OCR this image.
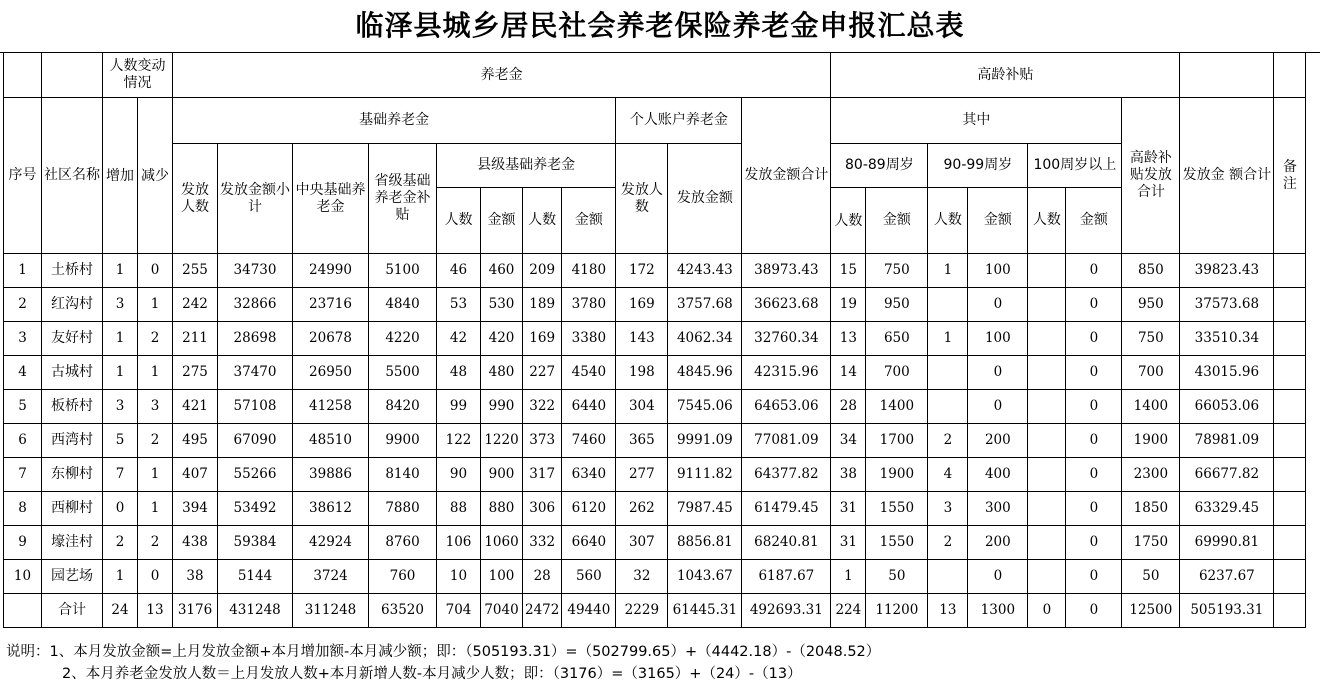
临泽县城乡居民社会养老保险养老金申报汇总表
		人数变动情况		养老金											高龄补贴								
序号	社区名称	增加	减少	基础养老金								个人账户养老金		发放金额合计	其中						高龄补贴发放合计	发放金 额合计	备注
				发放人数	发放金额小计	中央基础养老金	省级基础养老金补贴	县级基础养老金				发放人数	发放金额		80-89周岁		90-99周岁		100周岁以上				
								人数	金额	人数	金额				人数	金额	人数	金额	人数	金额			
1	土桥村	1	0	255	34730	24990	5100	46	460	209	4180	172	4243.43	38973.43	15	750	1	100		0	850	39823.43	
2	红沟村	3	1	242	32866	23716	4840	53	530	189	3780	169	3757.68	36623.68	19	950		0		0	950	37573.68	
3	友好村	1	2	211	28698	20678	4220	42	420	169	3380	143	4062.34	32760.34	13	650	1	100		0	750	33510.34	
4	古城村	1	1	275	37470	26950	5500	48	480	227	4540	198	4845.96	42315.96	14	700		0		0	700	43015.96	
5	板桥村	3	3	421	57108	41258	8420	99	990	322	6440	304	7545.06	64653.06	28	1400		0		0	1400	66053.06	
6	西湾村	5	2	495	67090	48510	9900	122	1220	373	7460	365	9991.09	77081.09	34	1700	2	200		0	1900	78981.09	
7	东柳村	7	1	407	55266	39886	8140	90	900	317	6340	277	9111.82	64377.82	38	1900	4	400		0	2300	66677.82	
8	西柳村	0	1	394	53492	38612	7880	88	880	306	6120	262	7987.45	61479.45	31	1550	3	300		0	1850	63329.45	
9	壕洼村	2	2	438	59384	42924	8760	106	1060	332	6640	307	8856.81	68240.81	31	1550	2	200		0	1750	69990.81	
10	园艺场	1	0	38	5144	3724	760	10	100	28	560	32	1043.67	6187.67	1	50		0		0	50	6237.67	
	合计	24	13	3176	431248	311248	63520	704	7040	2472	49440	2229	61445.31	492693.31	224	11200	13	1300	0	0	12500	505193.31	
说明：1、本月发放金额=上月发放金额+本月增加额-本月减少额；即：（505193.31）=（502799.65）+（4442.18）-（2048.52）
2、本月养老金发放人数＝上月发放人数+本月新增人数-本月减少人数；即：（3176）=（3165）+（24）-（13）
